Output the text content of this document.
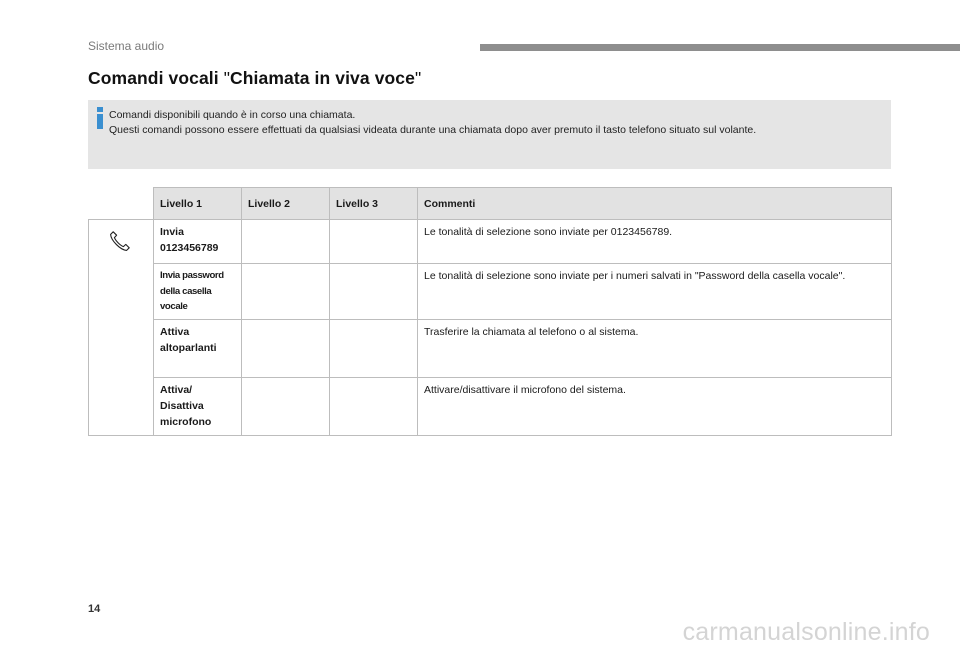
Sistema audio
Comandi vocali "Chiamata in viva voce"
Comandi disponibili quando è in corso una chiamata.
Questi comandi possono essere effettuati da qualsiasi videata durante una chiamata dopo aver premuto il tasto telefono situato sul volante.
	Livello 1	Livello 2	Livello 3	Commenti

	Invia 0123456789			Le tonalità di selezione sono inviate per 0123456789.
	Invia password della casella vocale			Le tonalità di selezione sono inviate per i numeri salvati in "Password della casella vocale".
	Attiva altoparlanti			Trasferire la chiamata al telefono o al sistema.
	Attiva/ Disattiva microfono			Attivare/disattivare il microfono del sistema.
14
carmanualsonline.info
